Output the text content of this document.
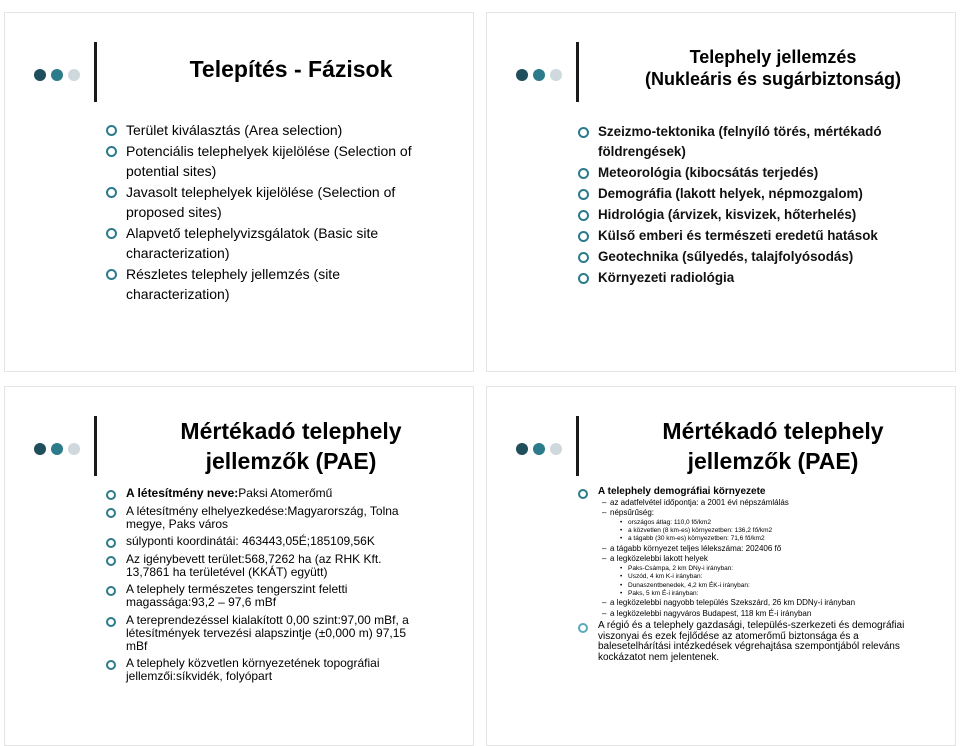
Telepítés - Fázisok
Terület kiválasztás (Area selection)
Potenciális telephelyek kijelölése (Selection of potential sites)
Javasolt telephelyek kijelölése (Selection of proposed sites)
Alapvető telephelyvizsgálatok (Basic site characterization)
Részletes telephely jellemzés (site characterization)
Telephely jellemzés
(Nukleáris és sugárbiztonság)
Szeizmo-tektonika (felnyíló törés, mértékadó földrengések)
Meteorológia (kibocsátás terjedés)
Demográfia (lakott helyek, népmozgalom)
Hidrológia (árvizek, kisvizek, hőterhelés)
Külső emberi és természeti eredetű hatások
Geotechnika (sűlyedés, talajfolyósodás)
Környezeti radiológia
Mértékadó telephely
jellemzők (PAE)
A létesítmény neve:Paksi Atomerőmű
A létesítmény elhelyezkedése:Magyarország, Tolna megye, Paks város
súlyponti koordinátái: 463443,05É;185109,56K
Az igénybevett terület:568,7262 ha (az RHK Kft. 13,7861 ha területével (KKÁT) együtt)
A telephely természetes tengerszint feletti magassága:93,2 – 97,6 mBf
A tereprendezéssel kialakított 0,00 szint:97,00 mBf, a létesítmények tervezési alapszintje (±0,000 m) 97,15 mBf
A telephely közvetlen környezetének topográfiai jellemzői:síkvidék, folyópart
Mértékadó telephely
jellemzők (PAE)
A telephely demográfiai környezete
– az adatfelvétel időpontja: a 2001 évi népszámlálás
– népsűrűség:
• országos átlag: 110,0 fő/km2
• a közvetlen (8 km-es) környezetben: 136,2 fő/km2
• a tágabb (30 km-es) környezetben: 71,6 fő/km2
– a tágabb környezet teljes lélekszáma: 202406 fő
– a legközelebbi lakott helyek
• Paks-Csámpa, 2 km DNy-i irányban:
• Uszód, 4 km K-i irányban:
• Dunaszentbenedek, 4,2 km ÉK-i irányban:
• Paks, 5 km É-i irányban:
– a legközelebbi nagyobb település Szekszárd, 26 km DDNy-i irányban
– a legközelebbi nagyváros Budapest, 118 km É-i irányban
A régió és a telephely gazdasági, település-szerkezeti és demográfiai viszonyai és ezek fejlődése az atomerőmű biztonsága és a balesetelhárítási intézkedések végrehajtása szempontjából releváns kockázatot nem jelentenek.
